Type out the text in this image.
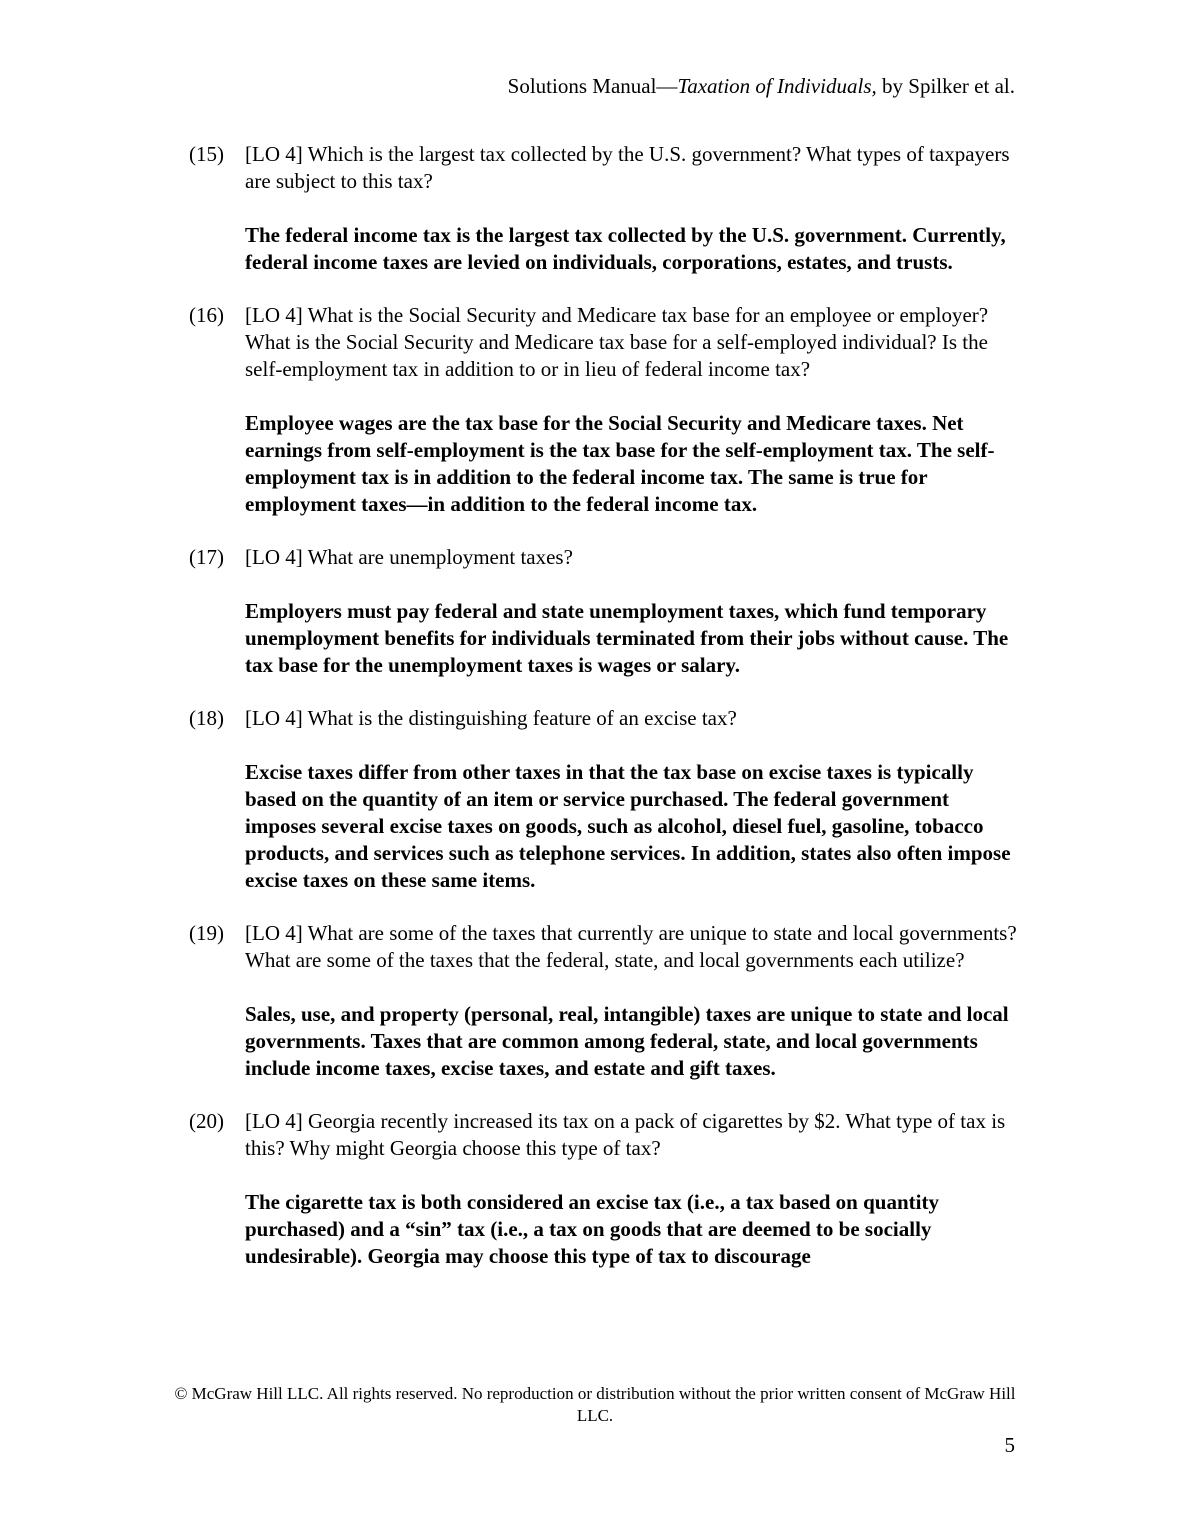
Solutions Manual—Taxation of Individuals, by Spilker et al.
(15) [LO 4] Which is the largest tax collected by the U.S. government? What types of taxpayers are subject to this tax?
The federal income tax is the largest tax collected by the U.S. government. Currently, federal income taxes are levied on individuals, corporations, estates, and trusts.
(16) [LO 4] What is the Social Security and Medicare tax base for an employee or employer? What is the Social Security and Medicare tax base for a self-employed individual? Is the self-employment tax in addition to or in lieu of federal income tax?
Employee wages are the tax base for the Social Security and Medicare taxes. Net earnings from self-employment is the tax base for the self-employment tax. The self-employment tax is in addition to the federal income tax. The same is true for employment taxes—in addition to the federal income tax.
(17) [LO 4] What are unemployment taxes?
Employers must pay federal and state unemployment taxes, which fund temporary unemployment benefits for individuals terminated from their jobs without cause. The tax base for the unemployment taxes is wages or salary.
(18) [LO 4] What is the distinguishing feature of an excise tax?
Excise taxes differ from other taxes in that the tax base on excise taxes is typically based on the quantity of an item or service purchased. The federal government imposes several excise taxes on goods, such as alcohol, diesel fuel, gasoline, tobacco products, and services such as telephone services. In addition, states also often impose excise taxes on these same items.
(19) [LO 4] What are some of the taxes that currently are unique to state and local governments? What are some of the taxes that the federal, state, and local governments each utilize?
Sales, use, and property (personal, real, intangible) taxes are unique to state and local governments. Taxes that are common among federal, state, and local governments include income taxes, excise taxes, and estate and gift taxes.
(20) [LO 4] Georgia recently increased its tax on a pack of cigarettes by $2. What type of tax is this? Why might Georgia choose this type of tax?
The cigarette tax is both considered an excise tax (i.e., a tax based on quantity purchased) and a “sin” tax (i.e., a tax on goods that are deemed to be socially undesirable). Georgia may choose this type of tax to discourage
© McGraw Hill LLC. All rights reserved. No reproduction or distribution without the prior written consent of McGraw Hill LLC.
5
